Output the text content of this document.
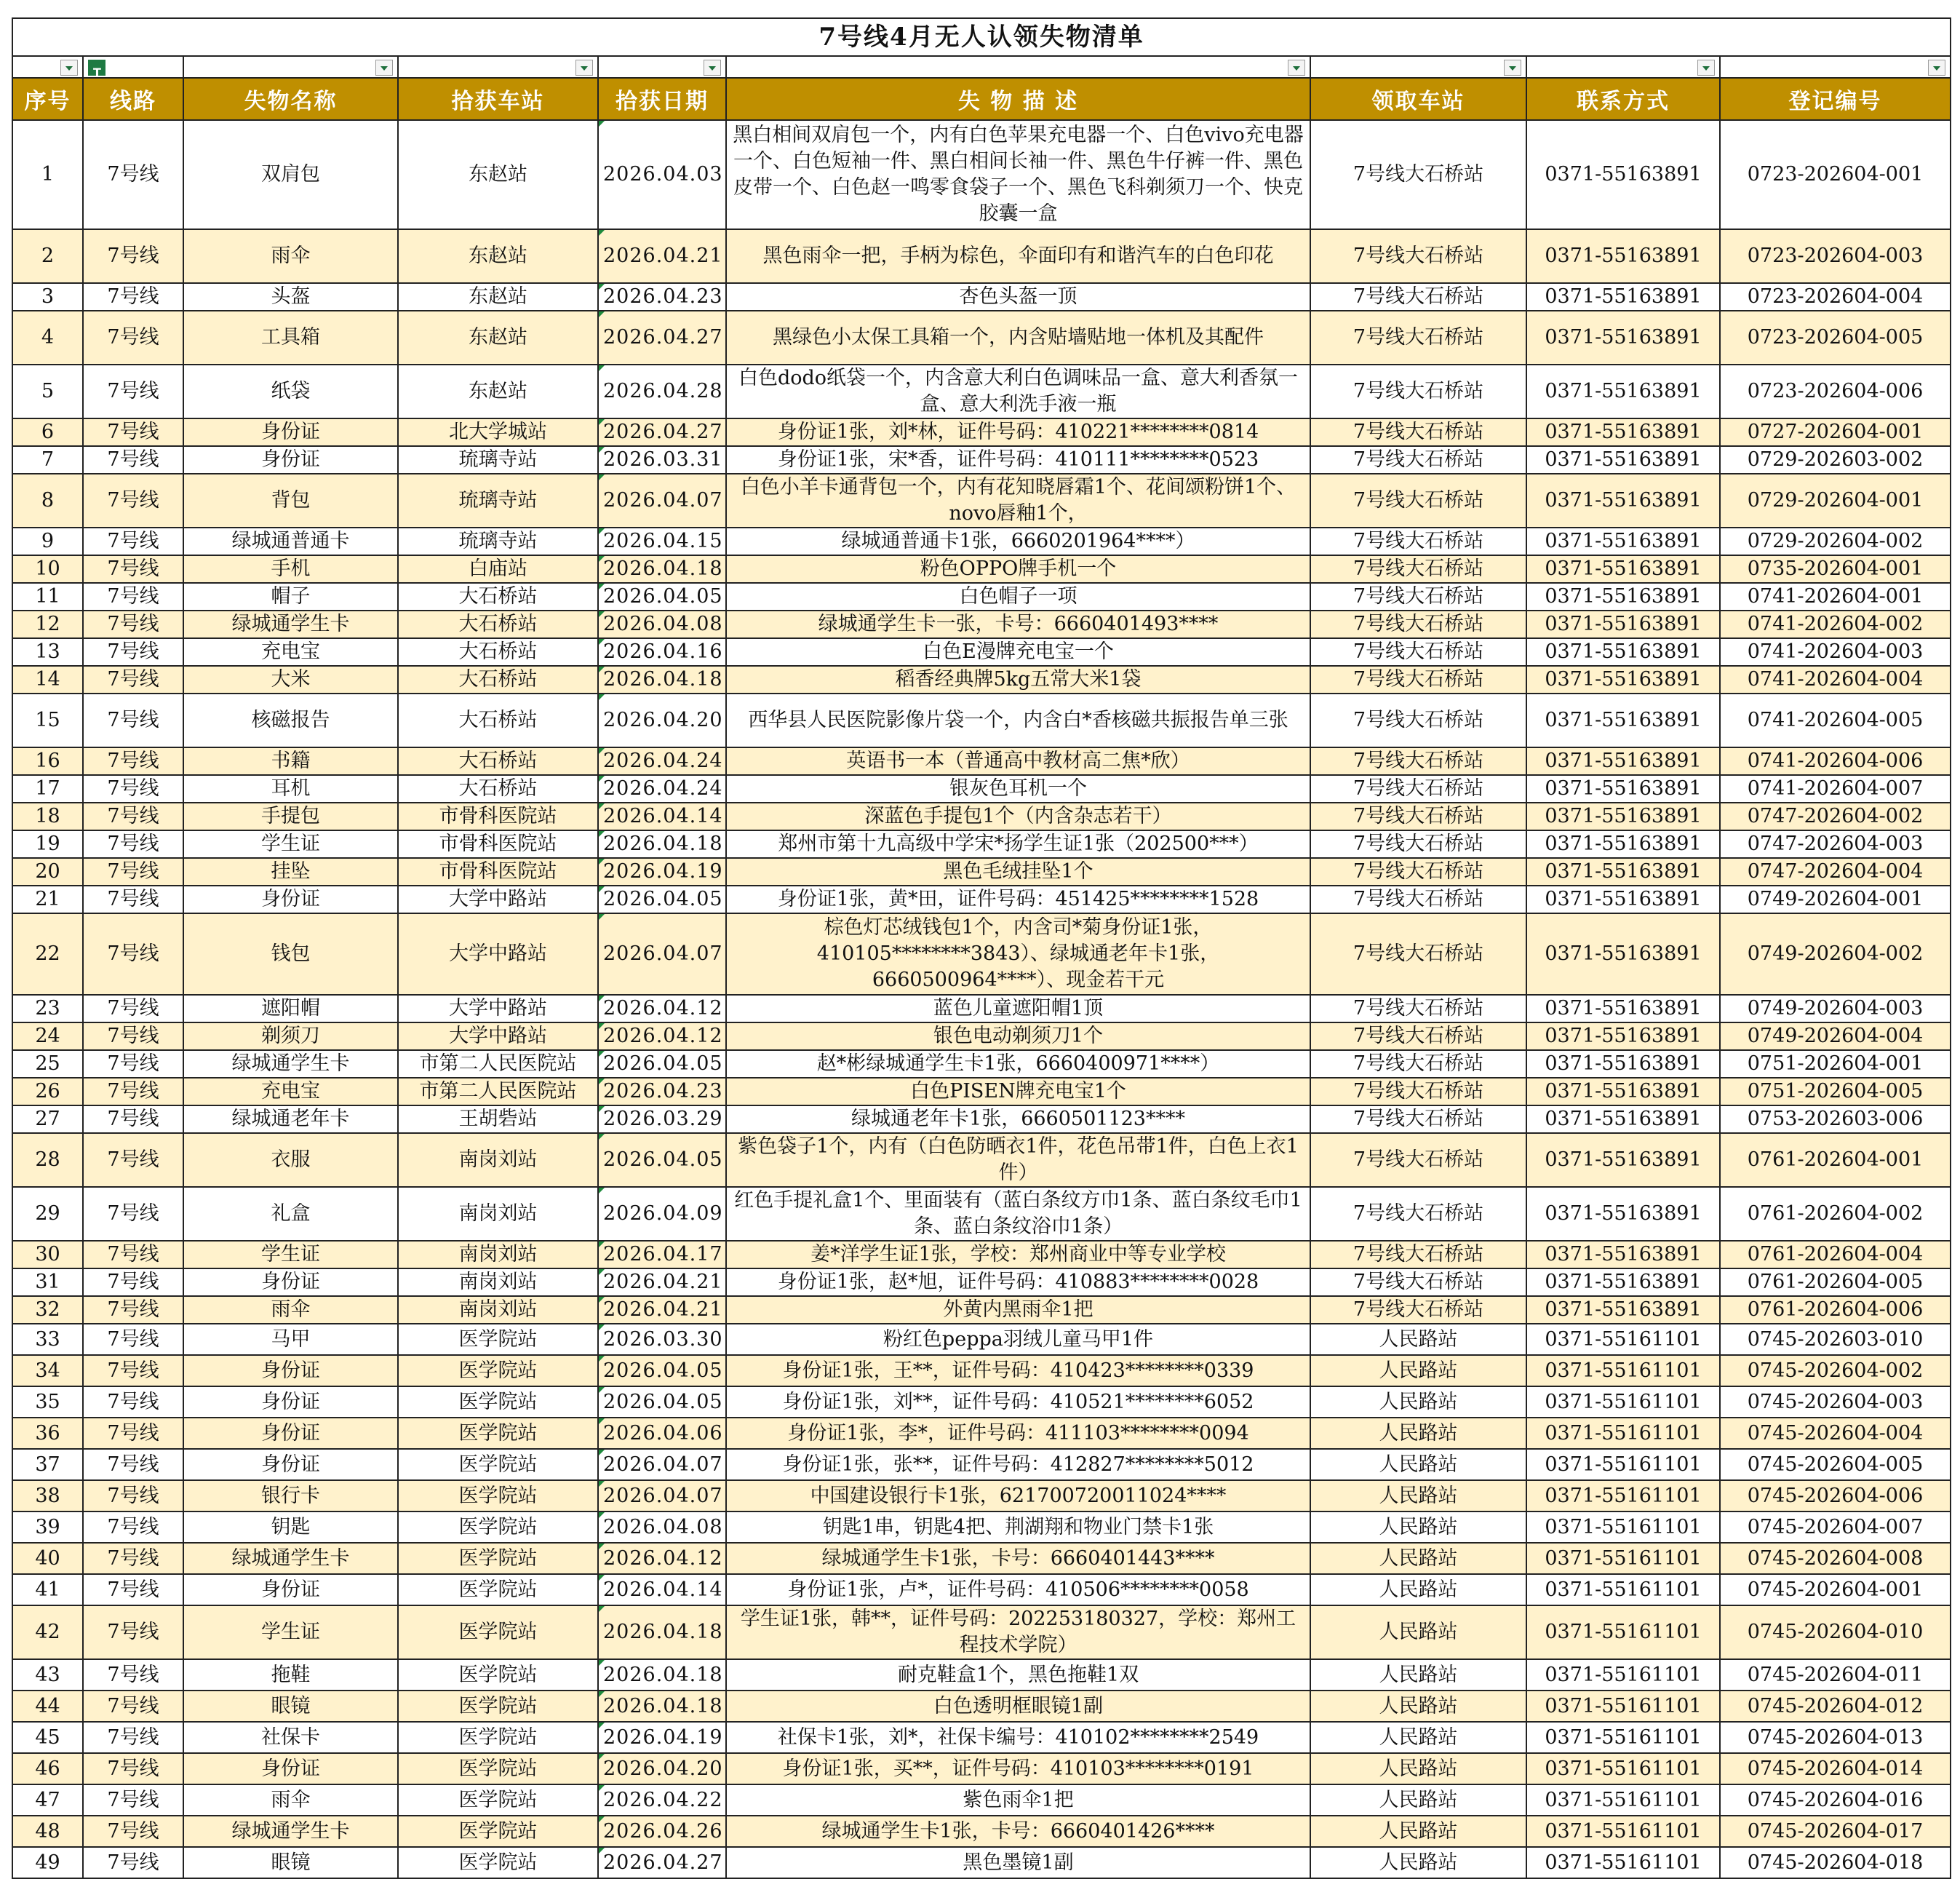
7号线4月无人认领失物清单								

T

序号	线路	失物名称	拾获车站	拾获日期	失 物 描 述	领取车站	联系方式	登记编号
1	7号线	双肩包	东赵站	2026.04.03	黑白相间双肩包一个，内有白色苹果充电器一个、白色vivo充电器一个、白色短袖一件、黑白相间长袖一件、黑色牛仔裤一件、黑色皮带一个、白色赵一鸣零食袋子一个、黑色飞科剃须刀一个、快克胶囊一盒	7号线大石桥站	0371-55163891	0723-202604-001
2	7号线	雨伞	东赵站	2026.04.21	黑色雨伞一把，手柄为棕色，伞面印有和谐汽车的白色印花	7号线大石桥站	0371-55163891	0723-202604-003
3	7号线	头盔	东赵站	2026.04.23	杏色头盔一顶	7号线大石桥站	0371-55163891	0723-202604-004
4	7号线	工具箱	东赵站	2026.04.27	黑绿色小太保工具箱一个，内含贴墙贴地一体机及其配件	7号线大石桥站	0371-55163891	0723-202604-005
5	7号线	纸袋	东赵站	2026.04.28	白色dodo纸袋一个，内含意大利白色调味品一盒、意大利香氛一盒、意大利洗手液一瓶	7号线大石桥站	0371-55163891	0723-202604-006
6	7号线	身份证	北大学城站	2026.04.27	身份证1张，刘*林，证件号码：410221********0814	7号线大石桥站	0371-55163891	0727-202604-001
7	7号线	身份证	琉璃寺站	2026.03.31	身份证1张，宋*香，证件号码：410111********0523	7号线大石桥站	0371-55163891	0729-202603-002
8	7号线	背包	琉璃寺站	2026.04.07	白色小羊卡通背包一个，内有花知晓唇霜1个、花间颂粉饼1个、novo唇釉1个，	7号线大石桥站	0371-55163891	0729-202604-001
9	7号线	绿城通普通卡	琉璃寺站	2026.04.15	绿城通普通卡1张，6660201964****）	7号线大石桥站	0371-55163891	0729-202604-002
10	7号线	手机	白庙站	2026.04.18	粉色OPPO牌手机一个	7号线大石桥站	0371-55163891	0735-202604-001
11	7号线	帽子	大石桥站	2026.04.05	白色帽子一项	7号线大石桥站	0371-55163891	0741-202604-001
12	7号线	绿城通学生卡	大石桥站	2026.04.08	绿城通学生卡一张，卡号：6660401493****	7号线大石桥站	0371-55163891	0741-202604-002
13	7号线	充电宝	大石桥站	2026.04.16	白色E漫牌充电宝一个	7号线大石桥站	0371-55163891	0741-202604-003
14	7号线	大米	大石桥站	2026.04.18	稻香经典牌5kg五常大米1袋	7号线大石桥站	0371-55163891	0741-202604-004
15	7号线	核磁报告	大石桥站	2026.04.20	西华县人民医院影像片袋一个，内含白*香核磁共振报告单三张	7号线大石桥站	0371-55163891	0741-202604-005
16	7号线	书籍	大石桥站	2026.04.24	英语书一本（普通高中教材高二焦*欣）	7号线大石桥站	0371-55163891	0741-202604-006
17	7号线	耳机	大石桥站	2026.04.24	银灰色耳机一个	7号线大石桥站	0371-55163891	0741-202604-007
18	7号线	手提包	市骨科医院站	2026.04.14	深蓝色手提包1个（内含杂志若干）	7号线大石桥站	0371-55163891	0747-202604-002
19	7号线	学生证	市骨科医院站	2026.04.18	郑州市第十九高级中学宋*扬学生证1张（202500***）	7号线大石桥站	0371-55163891	0747-202604-003
20	7号线	挂坠	市骨科医院站	2026.04.19	黑色毛绒挂坠1个	7号线大石桥站	0371-55163891	0747-202604-004
21	7号线	身份证	大学中路站	2026.04.05	身份证1张，黄*田，证件号码：451425********1528	7号线大石桥站	0371-55163891	0749-202604-001
22	7号线	钱包	大学中路站	2026.04.07	棕色灯芯绒钱包1个，内含司*菊身份证1张，410105********3843）、绿城通老年卡1张，6660500964****）、现金若干元	7号线大石桥站	0371-55163891	0749-202604-002
23	7号线	遮阳帽	大学中路站	2026.04.12	蓝色儿童遮阳帽1顶	7号线大石桥站	0371-55163891	0749-202604-003
24	7号线	剃须刀	大学中路站	2026.04.12	银色电动剃须刀1个	7号线大石桥站	0371-55163891	0749-202604-004
25	7号线	绿城通学生卡	市第二人民医院站	2026.04.05	赵*彬绿城通学生卡1张，6660400971****）	7号线大石桥站	0371-55163891	0751-202604-001
26	7号线	充电宝	市第二人民医院站	2026.04.23	白色PISEN牌充电宝1个	7号线大石桥站	0371-55163891	0751-202604-005
27	7号线	绿城通老年卡	王胡砦站	2026.03.29	绿城通老年卡1张，6660501123****	7号线大石桥站	0371-55163891	0753-202603-006
28	7号线	衣服	南岗刘站	2026.04.05	紫色袋子1个，内有（白色防晒衣1件，花色吊带1件，白色上衣1件）	7号线大石桥站	0371-55163891	0761-202604-001
29	7号线	礼盒	南岗刘站	2026.04.09	红色手提礼盒1个、里面装有（蓝白条纹方巾1条、蓝白条纹毛巾1条、蓝白条纹浴巾1条）	7号线大石桥站	0371-55163891	0761-202604-002
30	7号线	学生证	南岗刘站	2026.04.17	姜*洋学生证1张，学校：郑州商业中等专业学校	7号线大石桥站	0371-55163891	0761-202604-004
31	7号线	身份证	南岗刘站	2026.04.21	身份证1张，赵*旭，证件号码：410883********0028	7号线大石桥站	0371-55163891	0761-202604-005
32	7号线	雨伞	南岗刘站	2026.04.21	外黄内黑雨伞1把	7号线大石桥站	0371-55163891	0761-202604-006
33	7号线	马甲	医学院站	2026.03.30	粉红色peppa羽绒儿童马甲1件	人民路站	0371-55161101	0745-202603-010
34	7号线	身份证	医学院站	2026.04.05	身份证1张，王**，证件号码：410423********0339	人民路站	0371-55161101	0745-202604-002
35	7号线	身份证	医学院站	2026.04.05	身份证1张，刘**，证件号码：410521********6052	人民路站	0371-55161101	0745-202604-003
36	7号线	身份证	医学院站	2026.04.06	身份证1张，李*，证件号码：411103********0094	人民路站	0371-55161101	0745-202604-004
37	7号线	身份证	医学院站	2026.04.07	身份证1张，张**，证件号码：412827********5012	人民路站	0371-55161101	0745-202604-005
38	7号线	银行卡	医学院站	2026.04.07	中国建设银行卡1张，621700720011024****	人民路站	0371-55161101	0745-202604-006
39	7号线	钥匙	医学院站	2026.04.08	钥匙1串，钥匙4把、荆湖翔和物业门禁卡1张	人民路站	0371-55161101	0745-202604-007
40	7号线	绿城通学生卡	医学院站	2026.04.12	绿城通学生卡1张，卡号：6660401443****	人民路站	0371-55161101	0745-202604-008
41	7号线	身份证	医学院站	2026.04.14	身份证1张，卢*，证件号码：410506********0058	人民路站	0371-55161101	0745-202604-001
42	7号线	学生证	医学院站	2026.04.18	学生证1张，韩**，证件号码：202253180327，学校：郑州工程技术学院）	人民路站	0371-55161101	0745-202604-010
43	7号线	拖鞋	医学院站	2026.04.18	耐克鞋盒1个，黑色拖鞋1双	人民路站	0371-55161101	0745-202604-011
44	7号线	眼镜	医学院站	2026.04.18	白色透明框眼镜1副	人民路站	0371-55161101	0745-202604-012
45	7号线	社保卡	医学院站	2026.04.19	社保卡1张，刘*，社保卡编号：410102********2549	人民路站	0371-55161101	0745-202604-013
46	7号线	身份证	医学院站	2026.04.20	身份证1张，买**，证件号码：410103********0191	人民路站	0371-55161101	0745-202604-014
47	7号线	雨伞	医学院站	2026.04.22	紫色雨伞1把	人民路站	0371-55161101	0745-202604-016
48	7号线	绿城通学生卡	医学院站	2026.04.26	绿城通学生卡1张，卡号：6660401426****	人民路站	0371-55161101	0745-202604-017
49	7号线	眼镜	医学院站	2026.04.27	黑色墨镜1副	人民路站	0371-55161101	0745-202604-018
